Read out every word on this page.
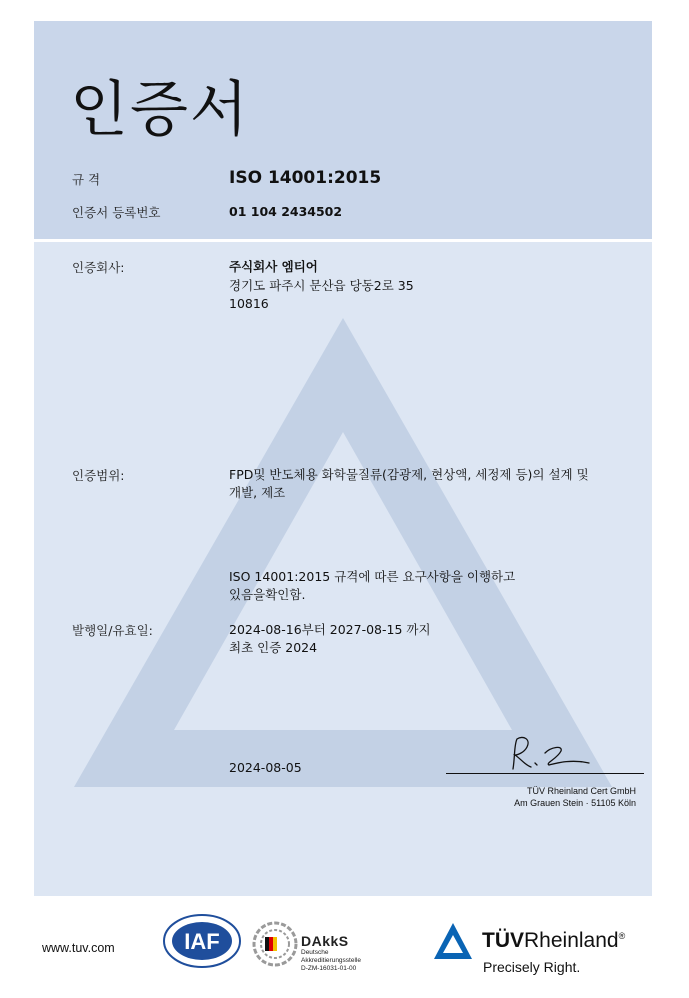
인증서
규 격	ISO 14001:2015
인증서 등록번호	01 104 2434502
인증회사:	주식회사 엠티어
경기도 파주시 문산읍 당동2로 35
10816
인증범위:	FPD및 반도체용 화학물질류(감광제, 현상액, 세정제 등)의 설계 및
개발, 제조
ISO 14001:2015 규격에 따른 요구사항을 이행하고
있음을확인함.
발행일/유효일:	2024-08-16부터 2027-08-15 까지
최초 인증 2024
2024-08-05
TÜV Rheinland Cert GmbH
Am Grauen Stein · 51105 Köln
www.tuv.com	IAF	DAkkS
Deutsche
Akkreditierungsstelle
D-ZM-16031-01-00
TÜVRheinland®
Precisely Right.
